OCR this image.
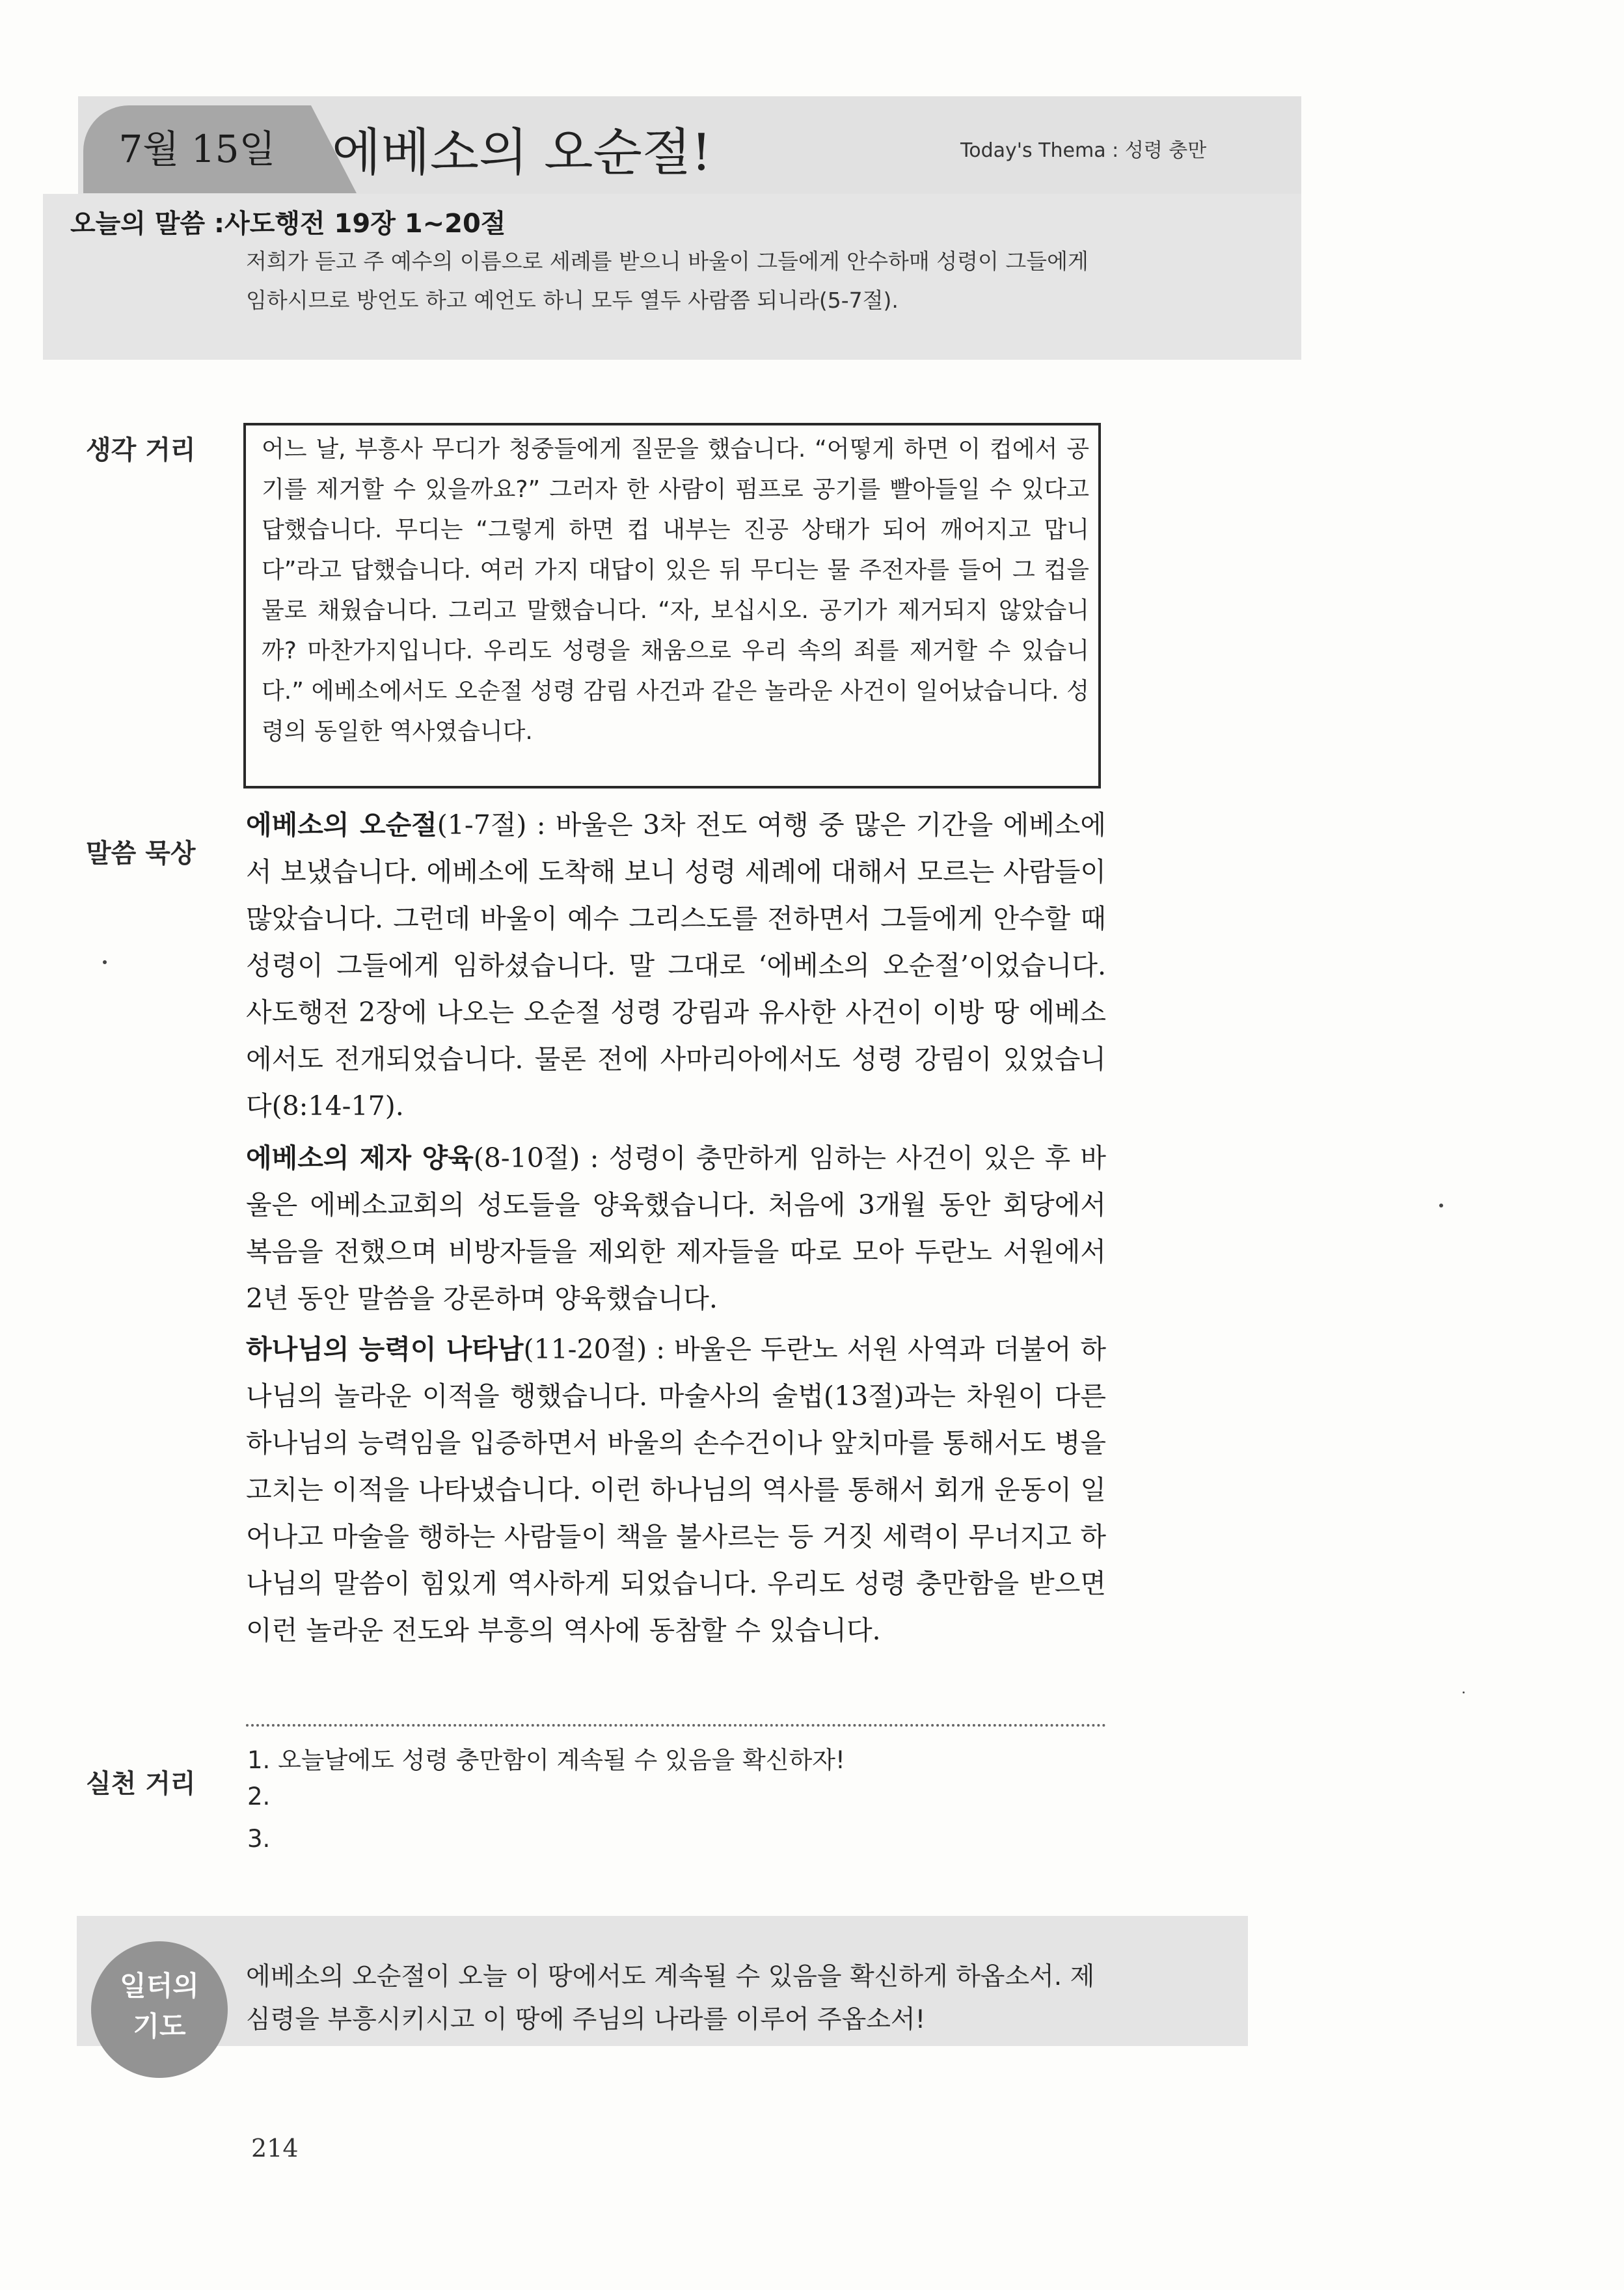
7월 15일	에베소의 오순절!	Today's Thema : 성령 충만
오늘의 말씀 :사도행전 19장 1~20절
저희가 듣고 주 예수의 이름으로 세례를 받으니 바울이 그들에게 안수하매 성령이 그들에게 임하시므로 방언도 하고 예언도 하니 모두 열두 사람쯤 되니라(5-7절).
생각 거리	어느 날, 부흥사 무디가 청중들에게 질문을 했습니다. “어떻게 하면 이 컵에서 공기를 제거할 수 있을까요?” 그러자 한 사람이 펌프로 공기를 빨아들일 수 있다고 답했습니다. 무디는 “그렇게 하면 컵 내부는 진공 상태가 되어 깨어지고 맙니다”라고 답했습니다. 여러 가지 대답이 있은 뒤 무디는 물 주전자를 들어 그 컵을 물로 채웠습니다. 그리고 말했습니다. “자, 보십시오. 공기가 제거되지 않았습니까? 마찬가지입니다. 우리도 성령을 채움으로 우리 속의 죄를 제거할 수 있습니다.” 에베소에서도 오순절 성령 감림 사건과 같은 놀라운 사건이 일어났습니다. 성령의 동일한 역사였습니다.
말씀 묵상
에베소의 오순절(1-7절) : 바울은 3차 전도 여행 중 많은 기간을 에베소에서 보냈습니다. 에베소에 도착해 보니 성령 세례에 대해서 모르는 사람들이 많았습니다. 그런데 바울이 예수 그리스도를 전하면서 그들에게 안수할 때 성령이 그들에게 임하셨습니다. 말 그대로 ‘에베소의 오순절’이었습니다. 사도행전 2장에 나오는 오순절 성령 강림과 유사한 사건이 이방 땅 에베소에서도 전개되었습니다. 물론 전에 사마리아에서도 성령 강림이 있었습니다(8:14-17).
에베소의 제자 양육(8-10절) : 성령이 충만하게 임하는 사건이 있은 후 바울은 에베소교회의 성도들을 양육했습니다. 처음에 3개월 동안 회당에서 복음을 전했으며 비방자들을 제외한 제자들을 따로 모아 두란노 서원에서 2년 동안 말씀을 강론하며 양육했습니다.
하나님의 능력이 나타남(11-20절) : 바울은 두란노 서원 사역과 더불어 하나님의 놀라운 이적을 행했습니다. 마술사의 술법(13절)과는 차원이 다른 하나님의 능력임을 입증하면서 바울의 손수건이나 앞치마를 통해서도 병을 고치는 이적을 나타냈습니다. 이런 하나님의 역사를 통해서 회개 운동이 일어나고 마술을 행하는 사람들이 책을 불사르는 등 거짓 세력이 무너지고 하나님의 말씀이 힘있게 역사하게 되었습니다. 우리도 성령 충만함을 받으면 이런 놀라운 전도와 부흥의 역사에 동참할 수 있습니다.
실천 거리
1. 오늘날에도 성령 충만함이 계속될 수 있음을 확신하자!
2.
3.
일터의
기도
에베소의 오순절이 오늘 이 땅에서도 계속될 수 있음을 확신하게 하옵소서. 제 심령을 부흥시키시고 이 땅에 주님의 나라를 이루어 주옵소서!
214
